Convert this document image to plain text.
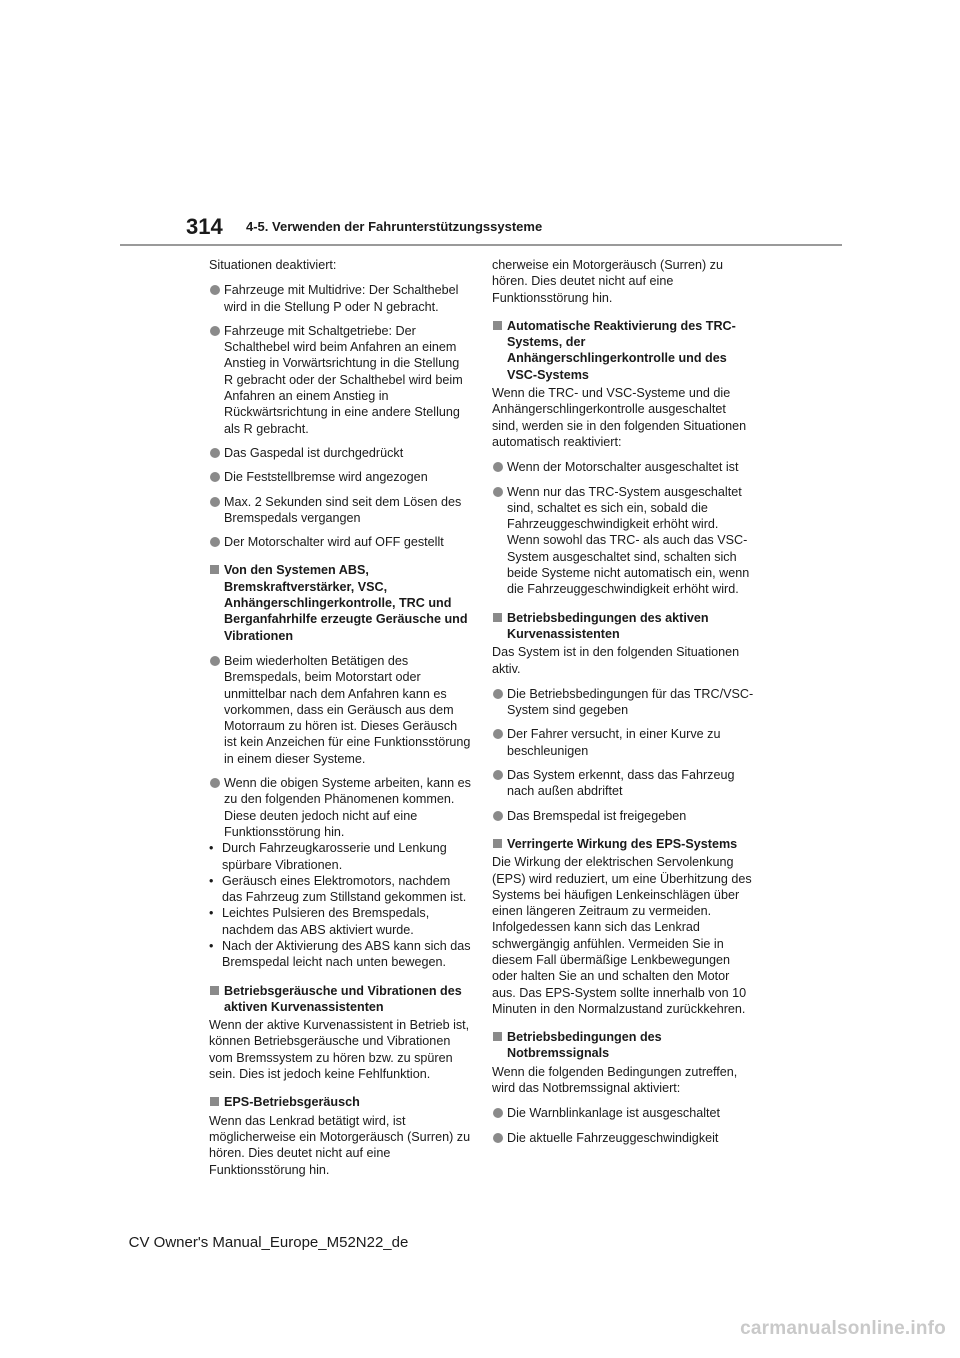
314 4-5. Verwenden der Fahrunterstützungssysteme
Situationen deaktiviert:
Fahrzeuge mit Multidrive: Der Schalthebel wird in die Stellung P oder N gebracht.
Fahrzeuge mit Schaltgetriebe: Der Schalthebel wird beim Anfahren an einem Anstieg in Vorwärtsrichtung in die Stellung R gebracht oder der Schalthebel wird beim Anfahren an einem Anstieg in Rückwärtsrichtung in eine andere Stellung als R gebracht.
Das Gaspedal ist durchgedrückt
Die Feststellbremse wird angezogen
Max. 2 Sekunden sind seit dem Lösen des Bremspedals vergangen
Der Motorschalter wird auf OFF gestellt
Von den Systemen ABS, Bremskraftverstärker, VSC, Anhängerschlingerkontrolle, TRC und Berganfahrhilfe erzeugte Geräusche und Vibrationen
Beim wiederholten Betätigen des Bremspedals, beim Motorstart oder unmittelbar nach dem Anfahren kann es vorkommen, dass ein Geräusch aus dem Motorraum zu hören ist. Dieses Geräusch ist kein Anzeichen für eine Funktionsstörung in einem dieser Systeme.
Wenn die obigen Systeme arbeiten, kann es zu den folgenden Phänomenen kommen. Diese deuten jedoch nicht auf eine Funktionsstörung hin.
• Durch Fahrzeugkarosserie und Lenkung spürbare Vibrationen.
• Geräusch eines Elektromotors, nachdem das Fahrzeug zum Stillstand gekommen ist.
• Leichtes Pulsieren des Bremspedals, nachdem das ABS aktiviert wurde.
• Nach der Aktivierung des ABS kann sich das Bremspedal leicht nach unten bewegen.
Betriebsgeräusche und Vibrationen des aktiven Kurvenassistenten
Wenn der aktive Kurvenassistent in Betrieb ist, können Betriebsgeräusche und Vibrationen vom Bremssystem zu hören bzw. zu spüren sein. Dies ist jedoch keine Fehlfunktion.
EPS-Betriebsgeräusch
Wenn das Lenkrad betätigt wird, ist möglicherweise ein Motorgeräusch (Surren) zu hören. Dies deutet nicht auf eine Funktionsstörung hin.
cherweise ein Motorgeräusch (Surren) zu hören. Dies deutet nicht auf eine Funktionsstörung hin.
Automatische Reaktivierung des TRC-Systems, der Anhängerschlingerkontrolle und des VSC-Systems
Wenn die TRC- und VSC-Systeme und die Anhängerschlingerkontrolle ausgeschaltet sind, werden sie in den folgenden Situationen automatisch reaktiviert:
Wenn der Motorschalter ausgeschaltet ist
Wenn nur das TRC-System ausgeschaltet sind, schaltet es sich ein, sobald die Fahrzeuggeschwindigkeit erhöht wird. Wenn sowohl das TRC- als auch das VSC-System ausgeschaltet sind, schalten sich beide Systeme nicht automatisch ein, wenn die Fahrzeuggeschwindigkeit erhöht wird.
Betriebsbedingungen des aktiven Kurvenassistenten
Das System ist in den folgenden Situationen aktiv.
Die Betriebsbedingungen für das TRC/VSC-System sind gegeben
Der Fahrer versucht, in einer Kurve zu beschleunigen
Das System erkennt, dass das Fahrzeug nach außen abdriftet
Das Bremspedal ist freigegeben
Verringerte Wirkung des EPS-Systems
Die Wirkung der elektrischen Servolenkung (EPS) wird reduziert, um eine Überhitzung des Systems bei häufigen Lenkeinschlägen über einen längeren Zeitraum zu vermeiden. Infolgedessen kann sich das Lenkrad schwergängig anfühlen. Vermeiden Sie in diesem Fall übermäßige Lenkbewegungen oder halten Sie an und schalten den Motor aus. Das EPS-System sollte innerhalb von 10 Minuten in den Normalzustand zurückkehren.
Betriebsbedingungen des Notbremssignals
Wenn die folgenden Bedingungen zutreffen, wird das Notbremssignal aktiviert:
Die Warnblinkanlage ist ausgeschaltet
Die aktuelle Fahrzeuggeschwindigkeit
CV Owner's Manual_Europe_M52N22_de
carmanualsonline.info
